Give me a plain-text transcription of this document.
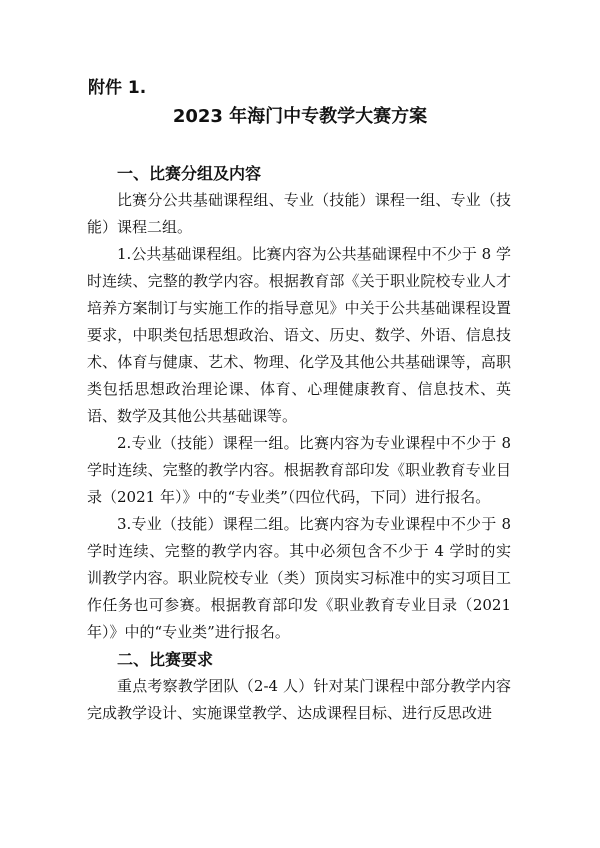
附件 1.
2023 年海门中专教学大赛方案

一、比赛分组及内容

比赛分公共基础课程组、专业（技能）课程一组、专业（技能）课程二组。

1.公共基础课程组。比赛内容为公共基础课程中不少于 8 学时连续、完整的教学内容。根据教育部《关于职业院校专业人才培养方案制订与实施工作的指导意见》中关于公共基础课程设置要求，中职类包括思想政治、语文、历史、数学、外语、信息技术、体育与健康、艺术、物理、化学及其他公共基础课等，高职类包括思想政治理论课、体育、心理健康教育、信息技术、英语、数学及其他公共基础课等。

2.专业（技能）课程一组。比赛内容为专业课程中不少于 8 学时连续、完整的教学内容。根据教育部印发《职业教育专业目录（2021 年）》中的“专业类”（四位代码，下同）进行报名。

3.专业（技能）课程二组。比赛内容为专业课程中不少于 8 学时连续、完整的教学内容。其中必须包含不少于 4 学时的实训教学内容。职业院校专业（类）顶岗实习标准中的实习项目工作任务也可参赛。根据教育部印发《职业教育专业目录（2021 年）》中的“专业类”进行报名。

二、比赛要求

重点考察教学团队（2-4 人）针对某门课程中部分教学内容完成教学设计、实施课堂教学、达成课程目标、进行反思改进
